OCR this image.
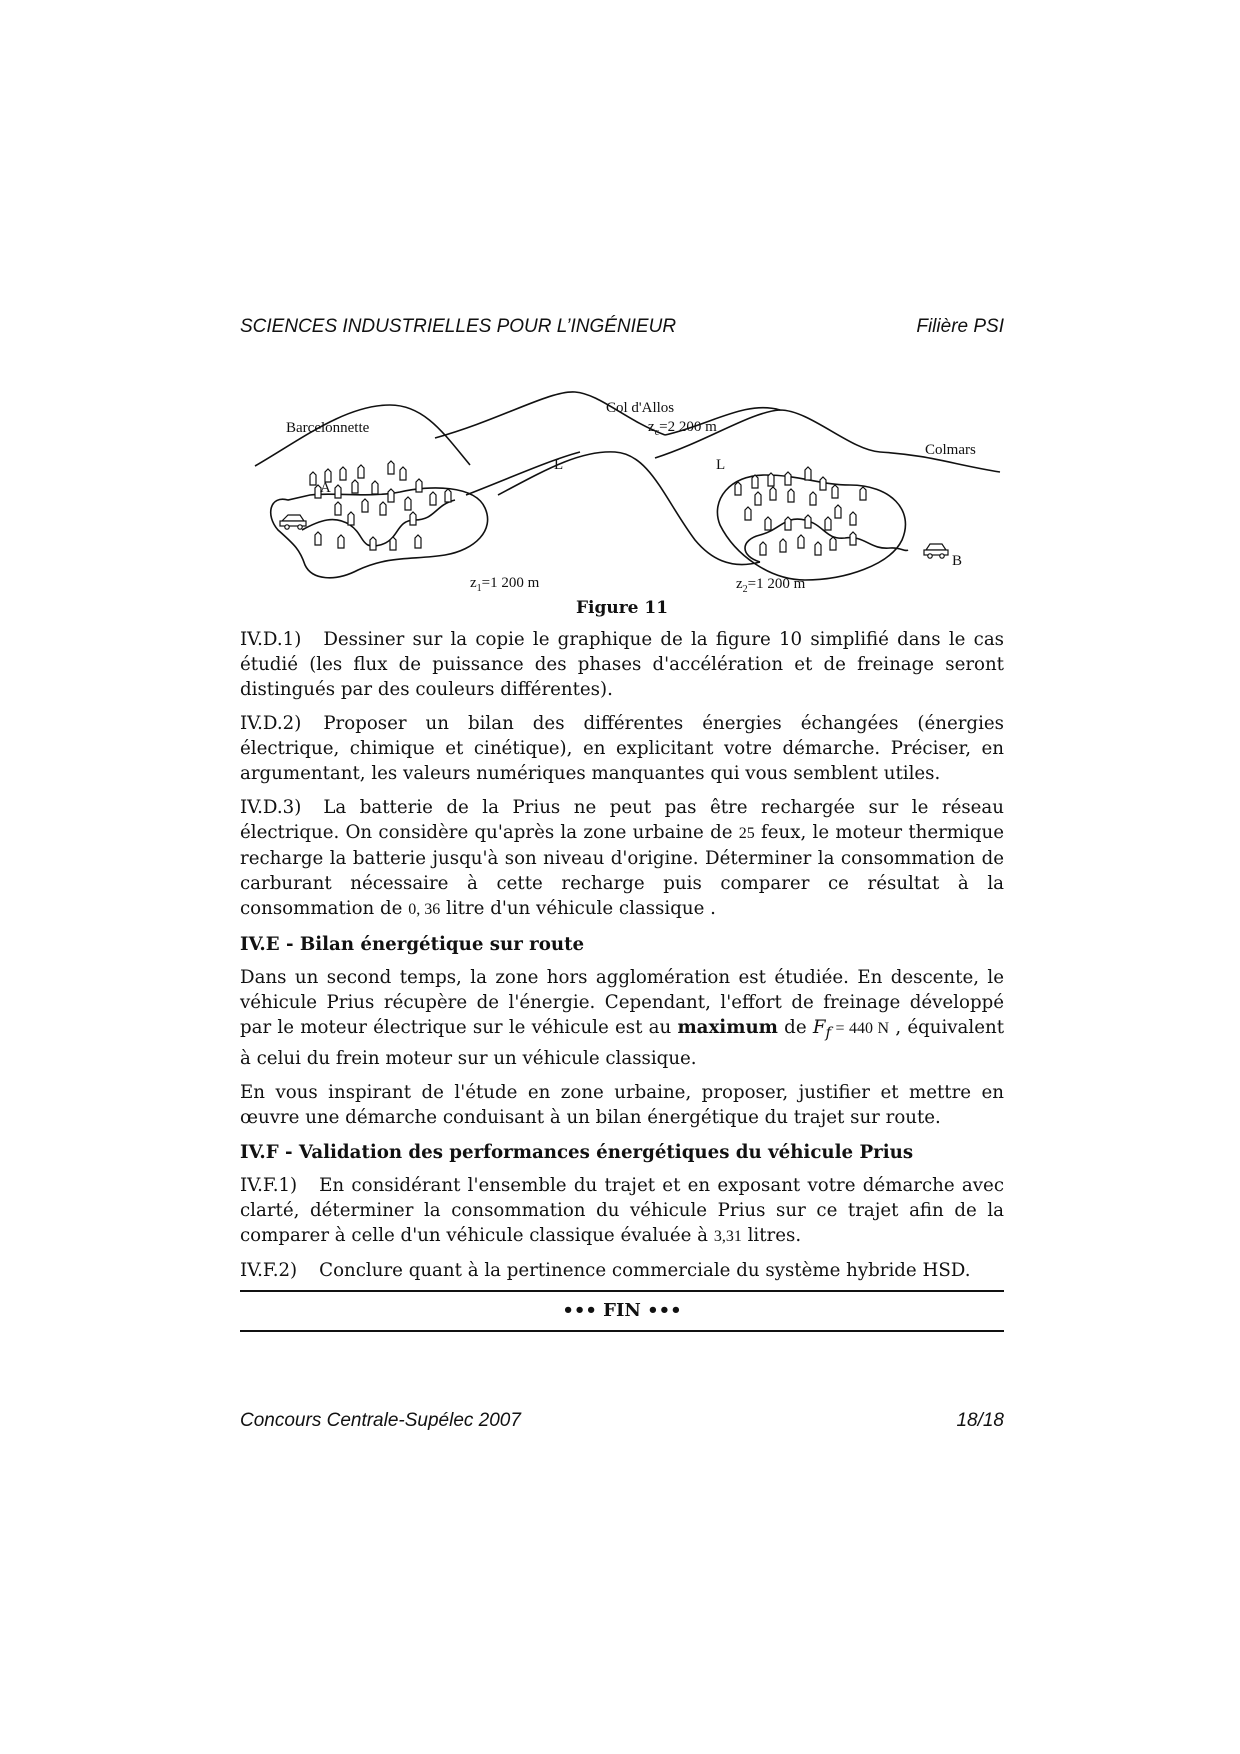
SCIENCES INDUSTRIELLES POUR L’INGÉNIEUR	Filière PSI
Barcelonnette
Col d'Allos
$z_c=2$ 200 m
Colmars
A
B
L	L
$z_1=1$ 200 m	$z_2=1$ 200 m
Figure 11

IV.D.1) Dessiner sur la copie le graphique de la figure 10 simplifié dans le cas étudié (les flux de puissance des phases d'accélération et de freinage seront distingués par des couleurs différentes).

IV.D.2) Proposer un bilan des différentes énergies échangées (énergies électrique, chimique et cinétique), en explicitant votre démarche. Préciser, en argumentant, les valeurs numériques manquantes qui vous semblent utiles.

IV.D.3) La batterie de la Prius ne peut pas être rechargée sur le réseau électrique. On considère qu'après la zone urbaine de 25 feux, le moteur thermique recharge la batterie jusqu'à son niveau d'origine. Déterminer la consommation de carburant nécessaire à cette recharge puis comparer ce résultat à la consommation de 0, 36 litre d'un véhicule classique .

IV.E - Bilan énergétique sur route

Dans un second temps, la zone hors agglomération est étudiée. En descente, le véhicule Prius récupère de l'énergie. Cependant, l'effort de freinage développé par le moteur électrique sur le véhicule est au maximum de $F_f = 440$ N , équivalent à celui du frein moteur sur un véhicule classique.

En vous inspirant de l'étude en zone urbaine, proposer, justifier et mettre en œuvre une démarche conduisant à un bilan énergétique du trajet sur route.

IV.F - Validation des performances énergétiques du véhicule Prius

IV.F.1) En considérant l'ensemble du trajet et en exposant votre démarche avec clarté, déterminer la consommation du véhicule Prius sur ce trajet afin de la comparer à celle d'un véhicule classique évaluée à 3,31 litres.

IV.F.2) Conclure quant à la pertinence commerciale du système hybride HSD.

••• FIN •••
Concours Centrale-Supélec 2007	18/18
